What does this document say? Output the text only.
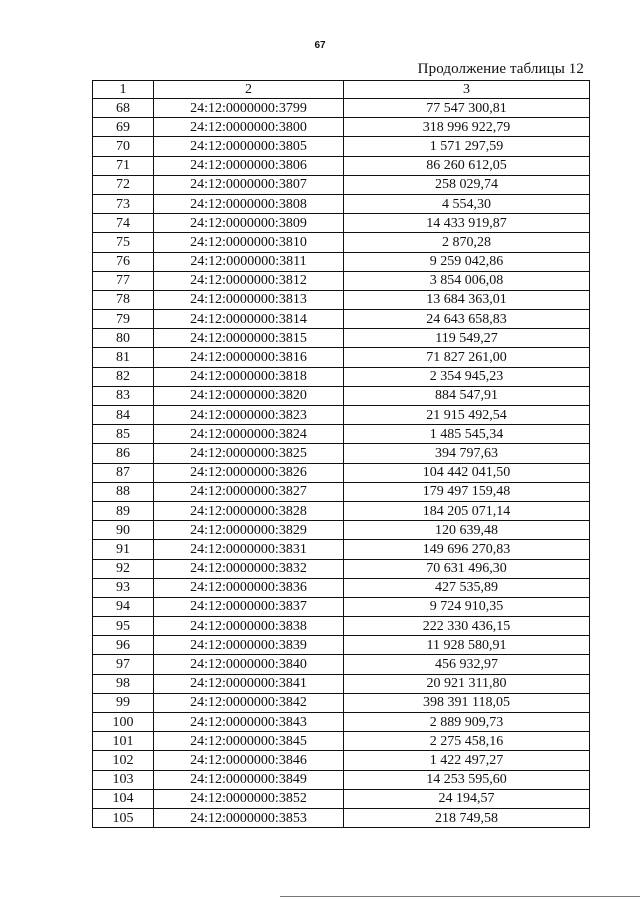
67
Продолжение таблицы 12
1	2	3
68	24:12:0000000:3799	77 547 300,81
69	24:12:0000000:3800	318 996 922,79
70	24:12:0000000:3805	1 571 297,59
71	24:12:0000000:3806	86 260 612,05
72	24:12:0000000:3807	258 029,74
73	24:12:0000000:3808	4 554,30
74	24:12:0000000:3809	14 433 919,87
75	24:12:0000000:3810	2 870,28
76	24:12:0000000:3811	9 259 042,86
77	24:12:0000000:3812	3 854 006,08
78	24:12:0000000:3813	13 684 363,01
79	24:12:0000000:3814	24 643 658,83
80	24:12:0000000:3815	119 549,27
81	24:12:0000000:3816	71 827 261,00
82	24:12:0000000:3818	2 354 945,23
83	24:12:0000000:3820	884 547,91
84	24:12:0000000:3823	21 915 492,54
85	24:12:0000000:3824	1 485 545,34
86	24:12:0000000:3825	394 797,63
87	24:12:0000000:3826	104 442 041,50
88	24:12:0000000:3827	179 497 159,48
89	24:12:0000000:3828	184 205 071,14
90	24:12:0000000:3829	120 639,48
91	24:12:0000000:3831	149 696 270,83
92	24:12:0000000:3832	70 631 496,30
93	24:12:0000000:3836	427 535,89
94	24:12:0000000:3837	9 724 910,35
95	24:12:0000000:3838	222 330 436,15
96	24:12:0000000:3839	11 928 580,91
97	24:12:0000000:3840	456 932,97
98	24:12:0000000:3841	20 921 311,80
99	24:12:0000000:3842	398 391 118,05
100	24:12:0000000:3843	2 889 909,73
101	24:12:0000000:3845	2 275 458,16
102	24:12:0000000:3846	1 422 497,27
103	24:12:0000000:3849	14 253 595,60
104	24:12:0000000:3852	24 194,57
105	24:12:0000000:3853	218 749,58
